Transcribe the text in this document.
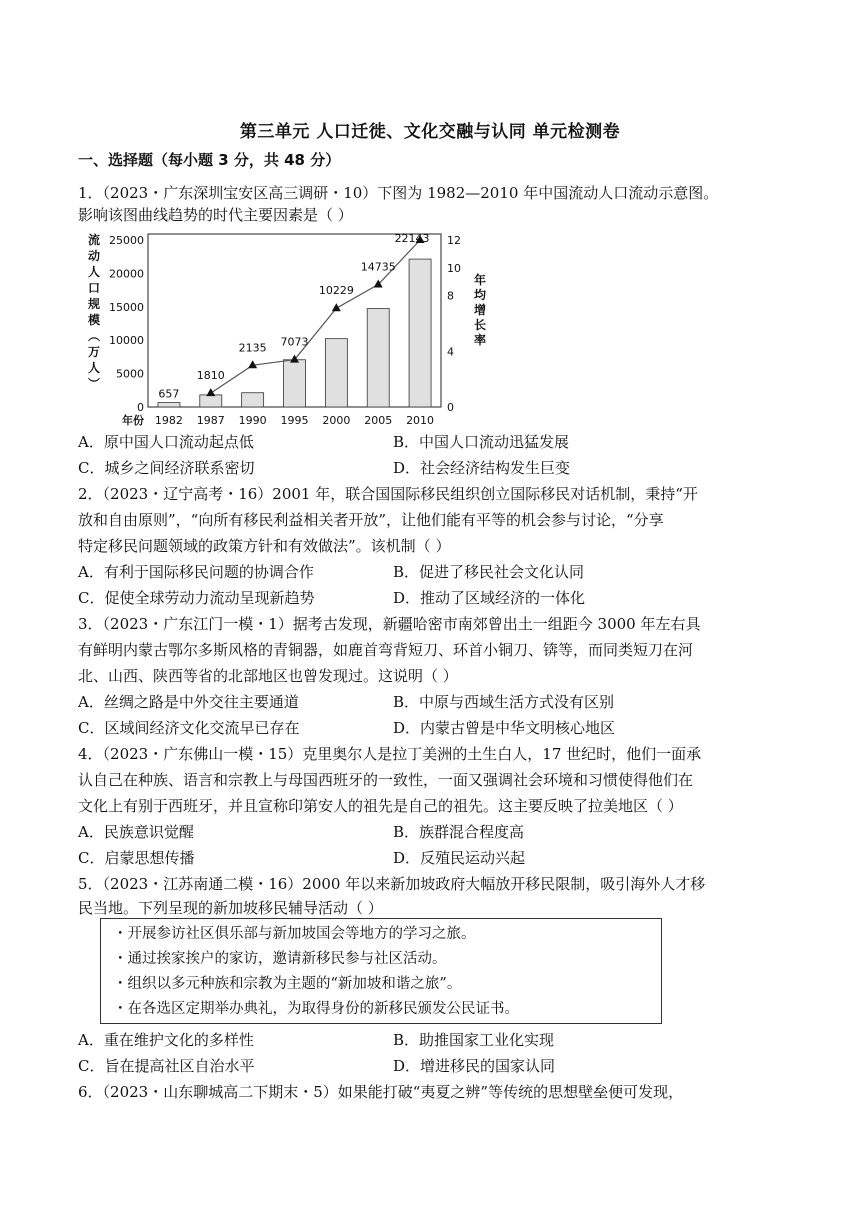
第三单元 人口迁徙、文化交融与认同 单元检测卷
一、选择题（每小题 3 分，共 48 分）
1．（2023・广东深圳宝安区高三调研・10）下图为 1982—2010 年中国流动人口流动示意图。
影响该图曲线趋势的时代主要因素是（ ）
流动人口规模︵万人︶
年均增长率
657
1810
2135 7073
10229
14735
22143
0
5000
10000
15000
20000
25000
0
4
8
10
12
年份 1982 1987 1990 1995 2000 2005 2010
A．原中国人口流动起点低	B．中国人口流动迅猛发展
C．城乡之间经济联系密切	D．社会经济结构发生巨变
2．（2023・辽宁高考・16）2001 年，联合国国际移民组织创立国际移民对话机制，秉持“开
放和自由原则”，“向所有移民利益相关者开放”，让他们能有平等的机会参与讨论，“分享
特定移民问题领域的政策方针和有效做法”。该机制（ ）
A．有利于国际移民问题的协调合作	B．促进了移民社会文化认同
C．促使全球劳动力流动呈现新趋势	D．推动了区域经济的一体化
3．（2023・广东江门一模・1）据考古发现，新疆哈密市南郊曾出土一组距今 3000 年左右具
有鲜明内蒙古鄂尔多斯风格的青铜器，如鹿首弯背短刀、环首小铜刀、锛等，而同类短刀在河
北、山西、陕西等省的北部地区也曾发现过。这说明（ ）
A．丝绸之路是中外交往主要通道	B．中原与西域生活方式没有区别
C．区域间经济文化交流早已存在	D．内蒙古曾是中华文明核心地区
4．（2023・广东佛山一模・15）克里奥尔人是拉丁美洲的土生白人，17 世纪时，他们一面承
认自己在种族、语言和宗教上与母国西班牙的一致性，一面又强调社会环境和习惯使得他们在
文化上有别于西班牙，并且宣称印第安人的祖先是自己的祖先。这主要反映了拉美地区（ ）
A．民族意识觉醒	B．族群混合程度高
C．启蒙思想传播	D．反殖民运动兴起
5．（2023・江苏南通二模・16）2000 年以来新加坡政府大幅放开移民限制，吸引海外人才移
民当地。下列呈现的新加坡移民辅导活动（ ）
・开展参访社区俱乐部与新加坡国会等地方的学习之旅。
・通过挨家挨户的家访，邀请新移民参与社区活动。
・组织以多元种族和宗教为主题的“新加坡和谐之旅”。
・在各选区定期举办典礼，为取得身份的新移民颁发公民证书。
A．重在维护文化的多样性	B．助推国家工业化实现
C．旨在提高社区自治水平	D．增进移民的国家认同
6．（2023・山东聊城高二下期末・5）如果能打破“夷夏之辨”等传统的思想壁垒便可发现，
